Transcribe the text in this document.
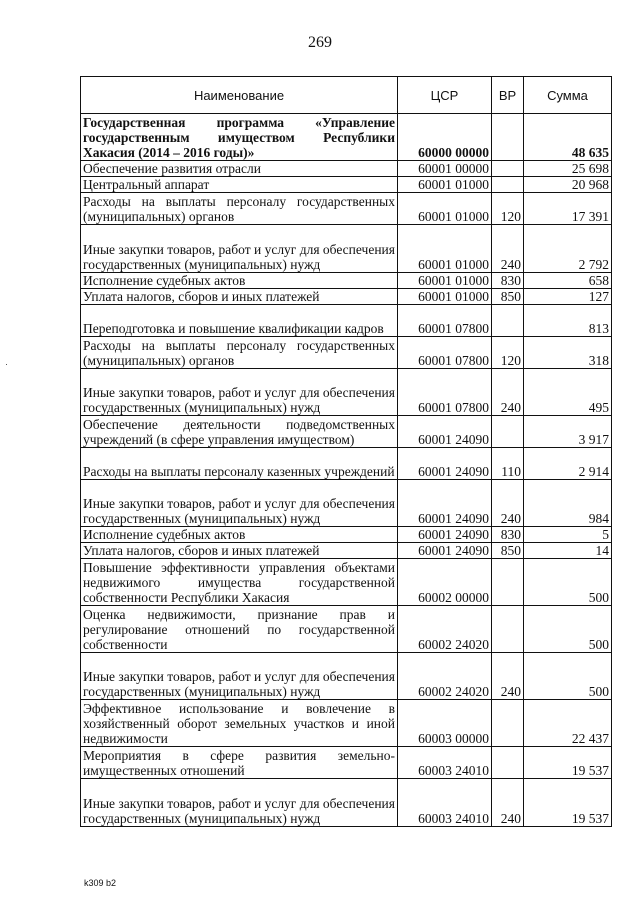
269
Наименование	ЦСР	ВР	Сумма
Государственная программа «Управление государственным имуществом Республики Хакасия (2014 – 2016 годы)»	60000 00000		48 635
Обеспечение развития отрасли	60001 00000		25 698
Центральный аппарат	60001 01000		20 968
Расходы на выплаты персоналу государственных (муниципальных) органов	60001 01000	120	17 391
Иные закупки товаров, работ и услуг для обеспечения государственных (муниципальных) нужд	60001 01000	240	2 792
Исполнение судебных актов	60001 01000	830	658
Уплата налогов, сборов и иных платежей	60001 01000	850	127
Переподготовка и повышение квалификации кадров	60001 07800		813
Расходы на выплаты персоналу государственных (муниципальных) органов	60001 07800	120	318
Иные закупки товаров, работ и услуг для обеспечения государственных (муниципальных) нужд	60001 07800	240	495
Обеспечение деятельности подведомственных учреждений (в сфере управления имуществом)	60001 24090		3 917
Расходы на выплаты персоналу казенных учреждений	60001 24090	110	2 914
Иные закупки товаров, работ и услуг для обеспечения государственных (муниципальных) нужд	60001 24090	240	984
Исполнение судебных актов	60001 24090	830	5
Уплата налогов, сборов и иных платежей	60001 24090	850	14
Повышение эффективности управления объектами недвижимого имущества государственной собственности Республики Хакасия	60002 00000		500
Оценка недвижимости, признание прав и регулирование отношений по государственной собственности	60002 24020		500
Иные закупки товаров, работ и услуг для обеспечения государственных (муниципальных) нужд	60002 24020	240	500
Эффективное использование и вовлечение в хозяйственный оборот земельных участков и иной недвижимости	60003 00000		22 437
Мероприятия в сфере развития земельно-имущественных отношений	60003 24010		19 537
Иные закупки товаров, работ и услуг для обеспечения государственных (муниципальных) нужд	60003 24010	240	19 537
k309 b2
